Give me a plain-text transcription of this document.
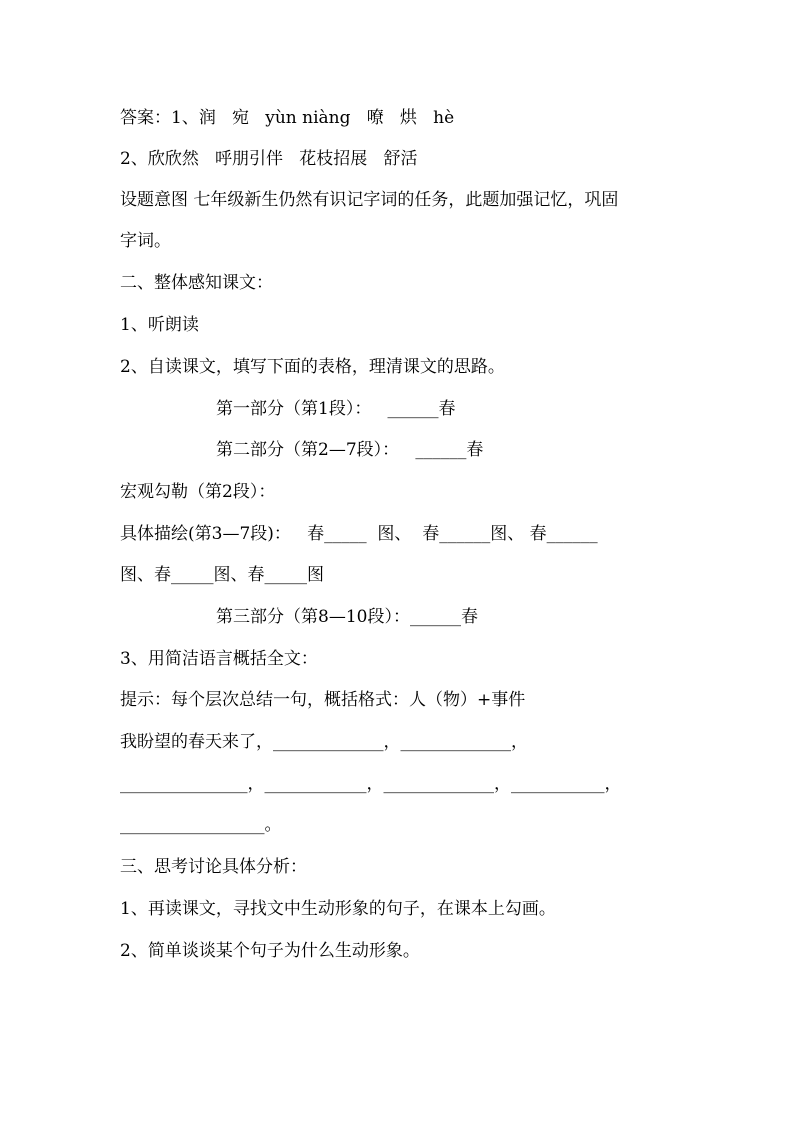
答案：1、润   宛   yùn niàng   嘹   烘   hè
2、欣欣然   呼朋引伴   花枝招展   舒活
设题意图 七年级新生仍然有识记字词的任务，此题加强记忆，巩固
字词。
二、整体感知课文：
1、听朗读
2、自读课文，填写下面的表格，理清课文的思路。
第一部分（第1段）：   ______春
第二部分（第2—7段）：   ______春
宏观勾勒（第2段）：
具体描绘(第3—7段)：   春_____  图、  春______图、 春______
图、春_____图、春_____图
第三部分（第8—10段）：______春
3、用简洁语言概括全文：
提示：每个层次总结一句，概括格式：人（物）+事件
我盼望的春天来了，_____________，_____________，
_______________，____________，_____________，___________，
_________________。
三、思考讨论具体分析：
1、再读课文，寻找文中生动形象的句子，在课本上勾画。
2、简单谈谈某个句子为什么生动形象。
